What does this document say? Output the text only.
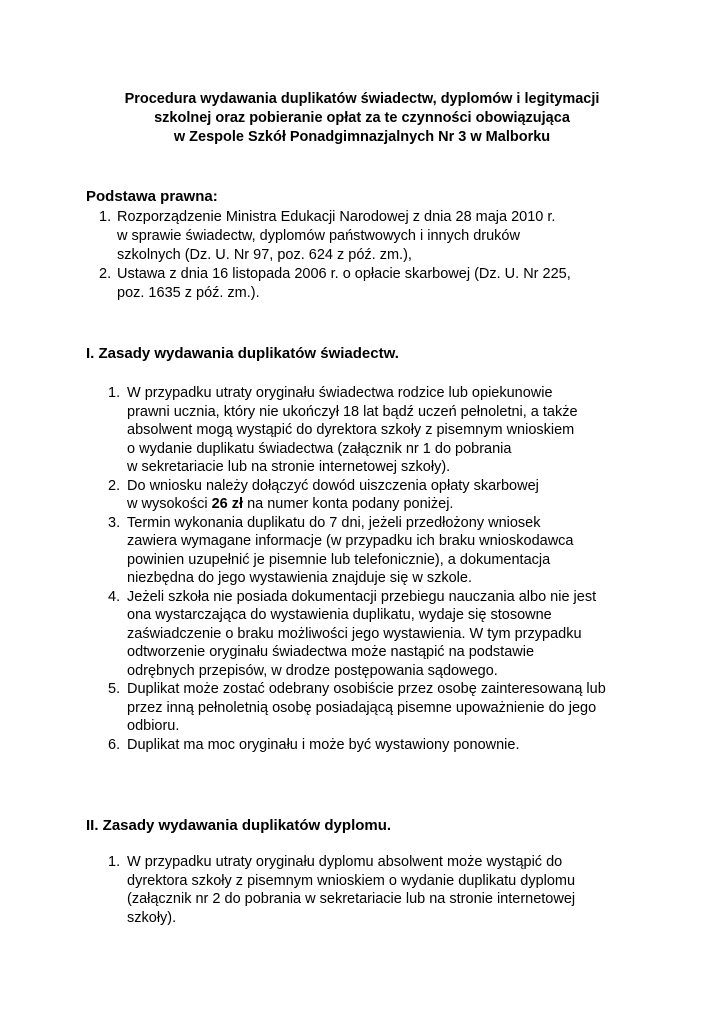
Procedura wydawania duplikatów świadectw, dyplomów i legitymacji
szkolnej oraz pobieranie opłat za te czynności obowiązująca
w Zespole Szkół Ponadgimnazjalnych Nr 3 w Malborku
Podstawa prawna:
1. Rozporządzenie Ministra Edukacji Narodowej z dnia 28 maja 2010 r.
w sprawie świadectw, dyplomów państwowych i innych druków
szkolnych (Dz. U. Nr 97, poz. 624 z póź. zm.),
2. Ustawa z dnia 16 listopada 2006 r. o opłacie skarbowej (Dz. U. Nr 225,
poz. 1635 z póź. zm.).
I. Zasady wydawania duplikatów świadectw.
1. W przypadku utraty oryginału świadectwa rodzice lub opiekunowie
prawni ucznia, który nie ukończył 18 lat bądź uczeń pełnoletni, a także
absolwent mogą wystąpić do dyrektora szkoły z pisemnym wnioskiem
o wydanie duplikatu świadectwa (załącznik nr 1 do pobrania
w sekretariacie lub na stronie internetowej szkoły).
2. Do wniosku należy dołączyć dowód uiszczenia opłaty skarbowej
w wysokości 26 zł na numer konta podany poniżej.
3. Termin wykonania duplikatu do 7 dni, jeżeli przedłożony wniosek
zawiera wymagane informacje (w przypadku ich braku wnioskodawca
powinien uzupełnić je pisemnie lub telefonicznie), a dokumentacja
niezbędna do jego wystawienia znajduje się w szkole.
4. Jeżeli szkoła nie posiada dokumentacji przebiegu nauczania albo nie jest
ona wystarczająca do wystawienia duplikatu, wydaje się stosowne
zaświadczenie o braku możliwości jego wystawienia. W tym przypadku
odtworzenie oryginału świadectwa może nastąpić na podstawie
odrębnych przepisów, w drodze postępowania sądowego.
5. Duplikat może zostać odebrany osobiście przez osobę zainteresowaną lub
przez inną pełnoletnią osobę posiadającą pisemne upoważnienie do jego
odbioru.
6. Duplikat ma moc oryginału i może być wystawiony ponownie.
II. Zasady wydawania duplikatów dyplomu.
1. W przypadku utraty oryginału dyplomu absolwent może wystąpić do
dyrektora szkoły z pisemnym wnioskiem o wydanie duplikatu dyplomu
(załącznik nr 2 do pobrania w sekretariacie lub na stronie internetowej
szkoły).
